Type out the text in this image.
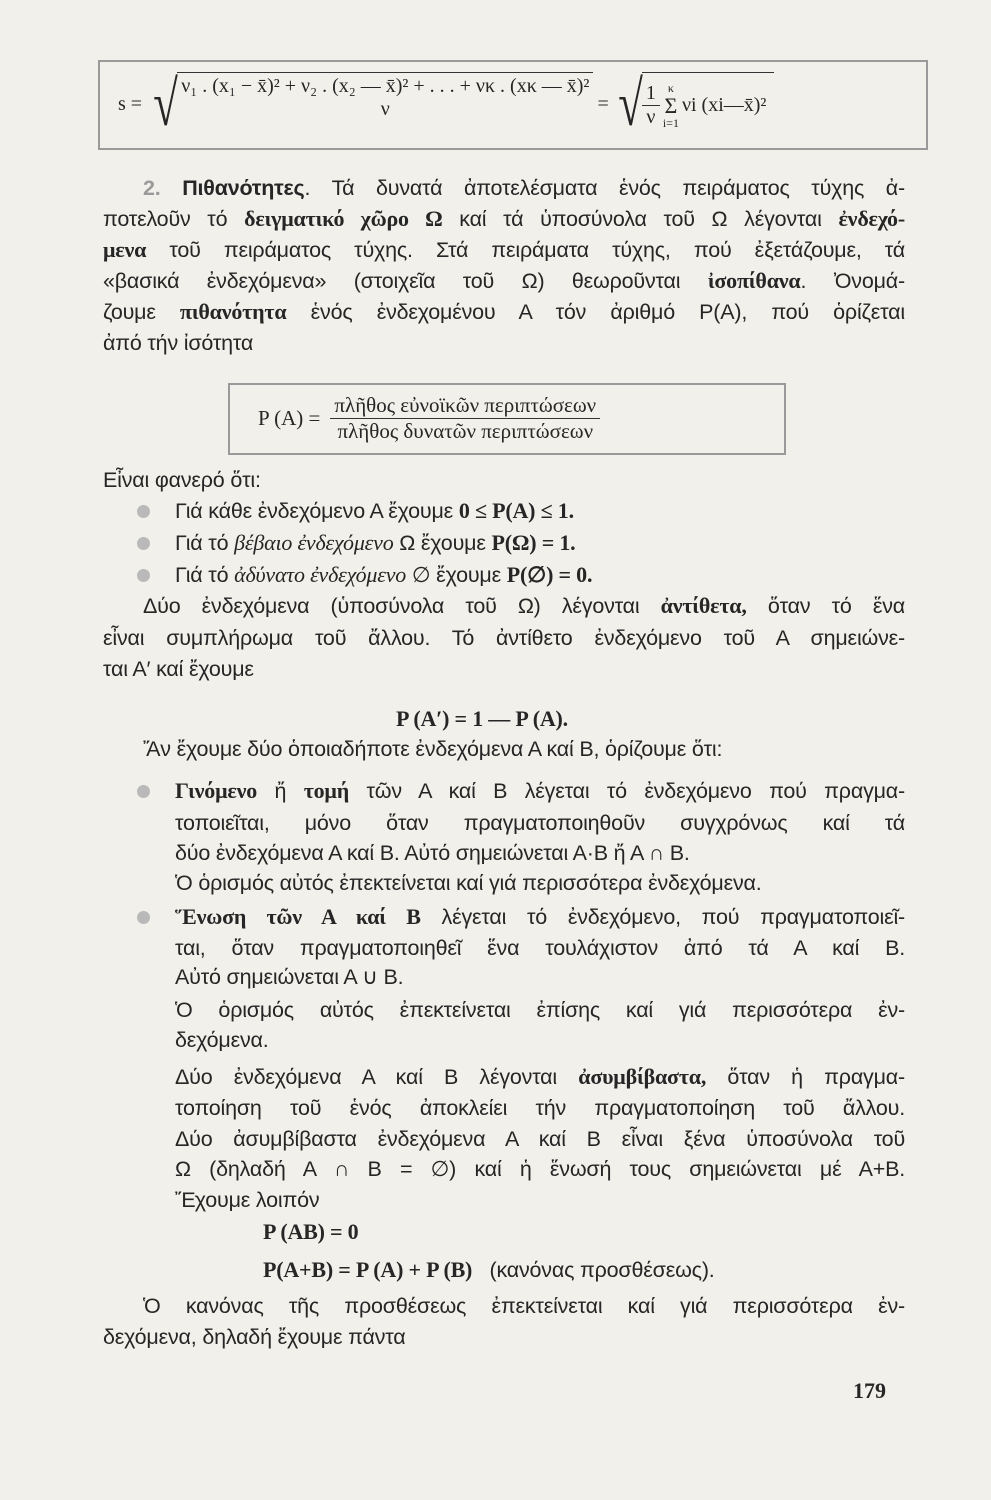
s = √ ν₁ . (x₁ − x̄)² + ν₂ . (x₂ — x̄)² + . . . + νκ . (xκ — x̄)²
ν	= √ $\frac{1}{\nu}$ κ
Σ
i=1
νi (xi—x̄)²
P $(A) = \frac{\text{πλῆθος εὐνοϊκῶν περιπτώσεων}}{\text{πλῆθος δυνατῶν περιπτώσεων}}$
2. Πιθανότητες. Τά δυνατά ἀποτελέσματα ἑνός πειράματος τύχης ἀ-
ποτελοῦν τό δειγματικό χῶρο Ω καί τά ὑποσύνολα τοῦ Ω λέγονται ἐνδεχό-
μενα τοῦ πειράματος τύχης. Στά πειράματα τύχης, πού ἐξετάζουμε, τά
«βασικά ἐνδεχόμενα» (στοιχεῖα τοῦ Ω) θεωροῦνται ἰσοπίθανα. Ὀνομά-
ζουμε πιθανότητα ἑνός ἐνδεχομένου Α τόν ἀριθμό P(A), πού ὁρίζεται
ἀπό τήν ἰσότητα
Εἶναι φανερό ὅτι:
Γιά κάθε ἐνδεχόμενο Α ἔχουμε 0 ≤ P(A) ≤ 1.
Γιά τό βέβαιο ἐνδεχόμενο Ω ἔχουμε P(Ω) = 1.
Γιά τό ἀδύνατο ἐνδεχόμενο ∅ ἔχουμε P(∅) = 0.
Δύο ἐνδεχόμενα (ὑποσύνολα τοῦ Ω) λέγονται ἀντίθετα, ὅταν τό ἕνα
εἶναι συμπλήρωμα τοῦ ἄλλου. Τό ἀντίθετο ἐνδεχόμενο τοῦ Α σημειώνε-
ται Α′ καί ἔχουμε
P (A′) = 1 — P (A).
Ἄν ἔχουμε δύο ὁποιαδήποτε ἐνδεχόμενα Α καί Β, ὁρίζουμε ὅτι:
Γινόμενο ἤ τομή τῶν Α καί Β λέγεται τό ἐνδεχόμενο πού πραγμα-
τοποιεῖται, μόνο ὅταν πραγματοποιηθοῦν συγχρόνως καί τά
δύο ἐνδεχόμενα Α καί Β. Αὐτό σημειώνεται Α·Β ἤ Α ∩ Β.
Ὁ ὁρισμός αὐτός ἐπεκτείνεται καί γιά περισσότερα ἐνδεχόμενα.
Ἕνωση τῶν Α καί Β λέγεται τό ἐνδεχόμενο, πού πραγματοποιεῖ-
ται, ὅταν πραγματοποιηθεῖ ἕνα τουλάχιστον ἀπό τά Α καί Β.
Αὐτό σημειώνεται Α ∪ Β.
Ὁ ὁρισμός αὐτός ἐπεκτείνεται ἐπίσης καί γιά περισσότερα ἐν-
δεχόμενα.
Δύο ἐνδεχόμενα Α καί Β λέγονται ἀσυμβίβαστα, ὅταν ἡ πραγμα-
τοποίηση τοῦ ἑνός ἀποκλείει τήν πραγματοποίηση τοῦ ἄλλου.
Δύο ἀσυμβίβαστα ἐνδεχόμενα Α καί Β εἶναι ξένα ὑποσύνολα τοῦ
Ω (δηλαδή Α ∩ Β = ∅) καί ἡ ἕνωσή τους σημειώνεται μέ Α+Β.
Ἔχουμε λοιπόν
P (AB) = 0
P(A+B) = P (A) + P (B)   (κανόνας προσθέσεως).
Ὁ κανόνας τῆς προσθέσεως ἐπεκτείνεται καί γιά περισσότερα ἐν-
δεχόμενα, δηλαδή ἔχουμε πάντα
179
